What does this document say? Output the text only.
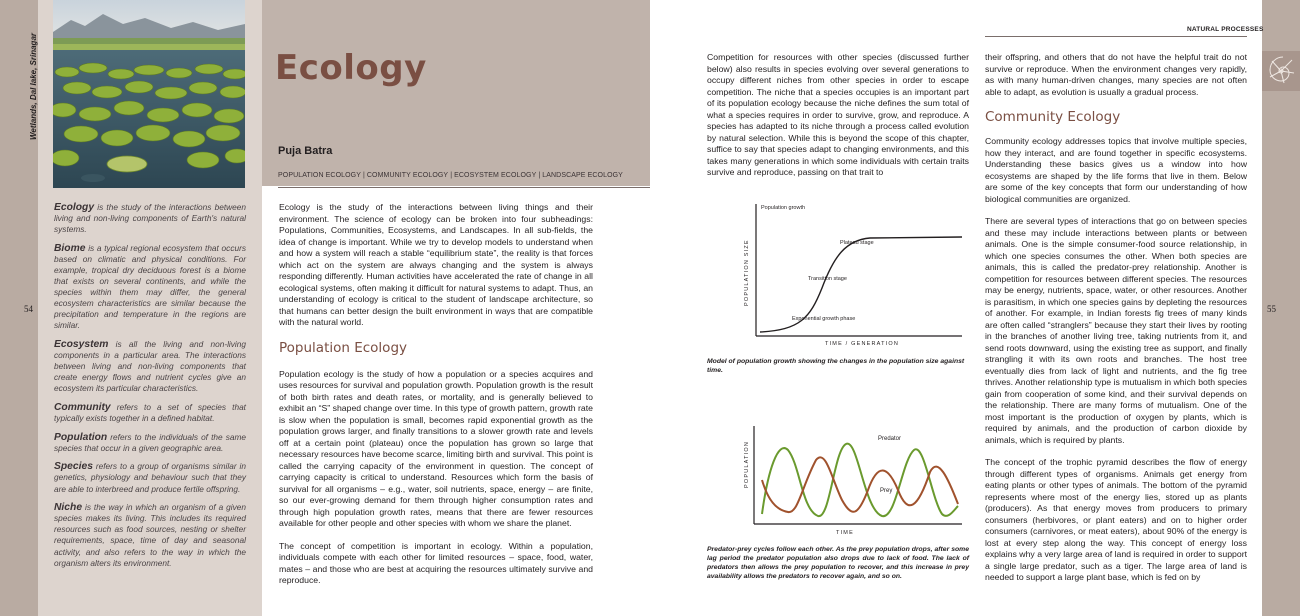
Wetlands, Dal lake, Srinagar
54
Ecology
Puja Batra
POPULATION ECOLOGY | COMMUNITY ECOLOGY | ECOSYSTEM ECOLOGY | LANDSCAPE ECOLOGY
Ecology is the study of the interactions between living and non-living components of Earth's natural systems.
Biome is a typical regional ecosystem that occurs based on climatic and physical conditions. For example, tropical dry deciduous forest is a biome that exists on several continents, and while the species within them may differ, the general ecosystem characteristics are similar because the precipitation and temperature in the regions are similar.
Ecosystem is all the living and non-living components in a particular area. The interactions between living and non-living components that create energy flows and nutrient cycles give an ecosystem its particular characteristics.
Community refers to a set of species that typically exists together in a defined habitat.
Population refers to the individuals of the same species that occur in a given geographic area.
Species refers to a group of organisms similar in genetics, physiology and behaviour such that they are able to interbreed and produce fertile offspring.
Niche is the way in which an organism of a given species makes its living. This includes its required resources such as food sources, nesting or shelter requirements, space, time of day and seasonal activity, and also refers to the way in which the organism alters its environment.

Ecology is the study of the interactions between living things and their environment. The science of ecology can be broken into four subheadings: Populations, Communities, Ecosystems, and Landscapes. In all sub-fields, the idea of change is important. While we try to develop models to understand when and how a system will reach a stable “equilibrium state”, the reality is that forces which act on the system are always changing and the system is always responding differently. Human activities have accelerated the rate of change in all ecological systems, often making it difficult for natural systems to adapt. Thus, an understanding of ecology is critical to the student of landscape architecture, so that humans can better design the built environment in ways that are compatible with the natural world.

Population Ecology

Population ecology is the study of how a population or a species acquires and uses resources for survival and population growth. Population growth is the result of both birth rates and death rates, or mortality, and is generally believed to exhibit an “S” shaped change over time. In this type of growth pattern, growth rate is slow when the population is small, becomes rapid exponential growth as the population grows larger, and finally transitions to a slower growth rate and levels off at a certain point (plateau) once the population has grown so large that necessary resources have become scarce, limiting birth and survival. This point is called the carrying capacity of the environment in question. The concept of carrying capacity is critical to understand. Resources which form the basis of survival for all organisms – e.g., water, soil nutrients, space, energy – are finite, so our ever-growing demand for them through higher consumption rates and through high population growth rates, means that there are fewer resources available for other people and other species with whom we share the planet.

The concept of competition is important in ecology. Within a population, individuals compete with each other for limited resources – space, food, water, mates – and those who are best at acquiring the resources ultimately survive and reproduce.

55
NATURAL PROCESSES

Competition for resources with other species (discussed further below) also results in species evolving over several generations to occupy different niches from other species in order to escape competition. The niche that a species occupies is an important part of its population ecology because the niche defines the sum total of what a species requires in order to survive, grow, and reproduce. A species has adapted to its niche through a process called evolution by natural selection. While this is beyond the scope of this chapter, suffice to say that species adapt to changing environments, and this takes many generations in which some individuals with certain traits survive and reproduce, passing on that trait to

Population growth
Plateau stage
Transition stage
Exponential growth phase
POPULATION SIZE
TIME / GENERATION
Model of population growth showing the changes in the population size against time.
Predator
Prey
POPULATION
TIME
Predator-prey cycles follow each other. As the prey population drops, after some lag period the predator population also drops due to lack of food. The lack of predators then allows the prey population to recover, and this increase in prey availability allows the predators to recover again, and so on.

their offspring, and others that do not have the helpful trait do not survive or reproduce. When the environment changes very rapidly, as with many human-driven changes, many species are not often able to adapt, as evolution is usually a gradual process.

Community Ecology

Community ecology addresses topics that involve multiple species, how they interact, and are found together in specific ecosystems. Understanding these basics gives us a window into how ecosystems are shaped by the life forms that live in them. Below are some of the key concepts that form our understanding of how biological communities are organized.

There are several types of interactions that go on between species and these may include interactions between plants or between animals. One is the simple consumer-food source relationship, in which one species consumes the other. When both species are animals, this is called the predator-prey relationship. Another is competition for resources between different species. The resources may be energy, nutrients, space, water, or other resources. Another is parasitism, in which one species gains by depleting the resources of another. For example, in Indian forests fig trees of many kinds are often called “stranglers” because they start their lives by rooting in the branches of another living tree, taking nutrients from it, and send roots downward, using the existing tree as support, and finally strangling it with its own roots and branches. The host tree eventually dies from lack of light and nutrients, and the fig tree thrives. Another relationship type is mutualism in which both species gain from cooperation of some kind, and their survival depends on the relationship. There are many forms of mutualism. One of the most important is the production of oxygen by plants, which is required by animals, and the production of carbon dioxide by animals, which is required by plants.

The concept of the trophic pyramid describes the flow of energy through different types of organisms. Animals get energy from eating plants or other types of animals. The bottom of the pyramid represents where most of the energy lies, stored up as plants (producers). As that energy moves from producers to primary consumers (herbivores, or plant eaters) and on to higher order consumers (carnivores, or meat eaters), about 90% of the energy is lost at every step along the way. This concept of energy loss explains why a very large area of land is required in order to support a single large predator, such as a tiger. The large area of land is needed to support a large plant base, which is fed on by
